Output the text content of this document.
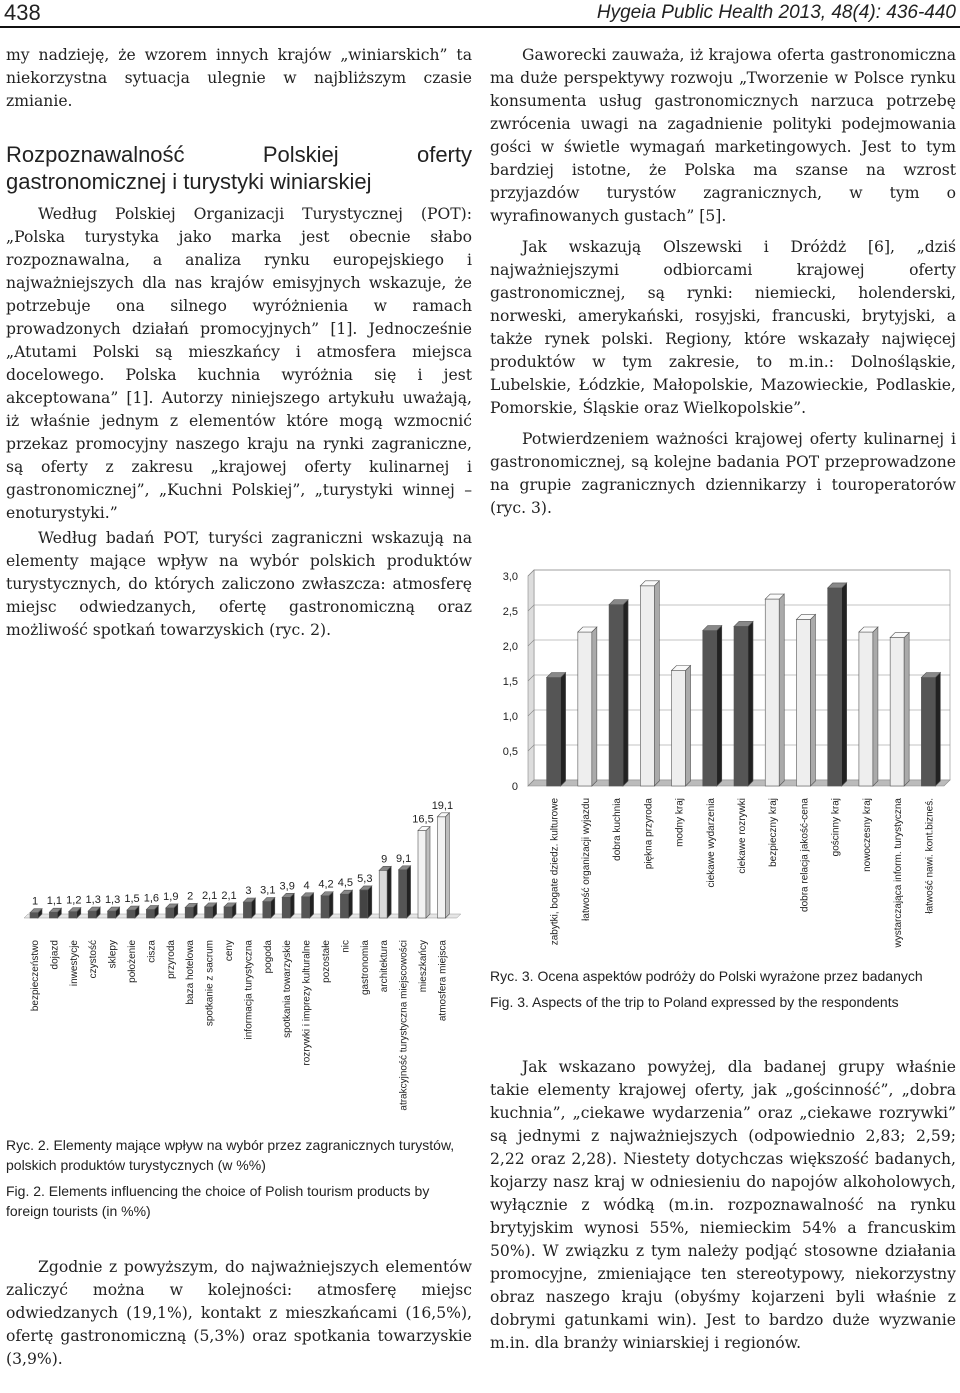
438	Hygeia Public Health 2013, 48(4): 436-440

my nadzieję, że wzorem innych krajów „winiarskich” ta niekorzystna sytuacja ulegnie w najbliższym czasie zmianie.

Rozpoznawalność Polskiej oferty gastronomicznej i turystyki winiarskiej

Według Polskiej Organizacji Turystycznej (POT): „Polska turystyka jako marka jest obecnie słabo rozpoznawalna, a analiza rynku europejskiego i najważniejszych dla nas krajów emisyjnych wskazuje, że potrzebuje ona silnego wyróżnienia w ramach prowadzonych działań promocyjnych” [1]. Jednocześnie „Atutami Polski są mieszkańcy i atmosfera miejsca docelowego. Polska kuchnia wyróżnia się i jest akceptowana” [1]. Autorzy niniejszego artykułu uważają, iż właśnie jednym z elementów które mogą wzmocnić przekaz promocyjny naszego kraju na rynki zagraniczne, są oferty z zakresu „krajowej oferty kulinarnej i gastronomicznej”, „Kuchni Polskiej”, „turystyki winnej – enoturystyki.”

Według badań POT, turyści zagraniczni wskazują na elementy mające wpływ na wybór polskich produktów turystycznych, do których zaliczono zwłaszcza: atmosferę miejsc odwiedzanych, ofertę gastronomiczną oraz możliwość spotkań towarzyskich (ryc. 2).

1
bezpieczeństwo
1,1
dojazd
1,2
inwestycje
1,3
czystość
1,3
sklepy
1,5
położenie
1,6
cisza
1,9
przyroda
2
baza hotelowa
2,1
spotkanie z sacrum
2,1
ceny
3
informacja turystyczna
3,1
pogoda
3,9
spotkania towarzyskie
4
rozrywki i imprezy kulturalne
4,2
pozostałe
4,5
nic
5,3
gastronomia
9
architektura
9,1
atrakcyjność turystyczna miejscowości
16,5
mieszkańcy
19,1
atmosfera miejsca

Ryc. 2. Elementy mające wpływ na wybór przez zagranicznych turystów, polskich produktów turystycznych (w %%)

Fig. 2. Elements influencing the choice of Polish tourism products by foreign tourists (in %%)

Zgodnie z powyższym, do najważniejszych elementów zaliczyć można w kolejności: atmosferę miejsc odwiedzanych (19,1%), kontakt z mieszkańcami (16,5%), ofertę gastronomiczną (5,3%) oraz spotkania towarzyskie (3,9%).

Gaworecki zauważa, iż krajowa oferta gastronomiczna ma duże perspektywy rozwoju „Tworzenie w Polsce rynku konsumenta usług gastronomicznych narzuca potrzebę zwrócenia uwagi na zagadnienie polityki podejmowania gości w świetle wymagań marketingowych. Jest to tym bardziej istotne, że Polska ma szanse na wzrost przyjazdów turystów zagranicznych, w tym o wyrafinowanych gustach” [5].

Jak wskazują Olszewski i Dróżdż [6], „dziś najważniejszymi odbiorcami krajowej oferty gastronomicznej, są rynki: niemiecki, holenderski, norweski, amerykański, rosyjski, francuski, brytyjski, a także rynek polski. Regiony, które wskazały najwięcej produktów w tym zakresie, to m.in.: Dolnośląskie, Lubelskie, Łódzkie, Małopolskie, Mazowieckie, Podlaskie, Pomorskie, Śląskie oraz Wielkopolskie”.

Potwierdzeniem ważności krajowej oferty kulinarnej i gastronomicznej, są kolejne badania POT przeprowadzone na grupie zagranicznych dziennikarzy i touroperatorów (ryc. 3).

0
0,5
1,0
1,5
2,0
2,5
3,0
zabytki, bogate dziedz. kulturowe łatwość organizacji wyjazdu dobra kuchnia piękna przyroda modny kraj ciekawe wydarzenia ciekawe rozrywki bezpieczny kraj dobra relacja jakość-cena gościnny kraj nowoczesny kraj wystarczająca inform. turystyczna łatwość nawi. kont.bizneś.

Ryc. 3. Ocena aspektów podróży do Polski wyrażone przez badanych

Fig. 3. Aspects of the trip to Poland expressed by the respondents

Jak wskazano powyżej, dla badanej grupy właśnie takie elementy krajowej oferty, jak „gościnność”, „dobra kuchnia”, „ciekawe wydarzenia” oraz „ciekawe rozrywki” są jednymi z najważniejszych (odpowiednio 2,83; 2,59; 2,22 oraz 2,28). Niestety dotychczas większość badanych, kojarzy nasz kraj w odniesieniu do napojów alkoholowych, wyłącznie z wódką (m.in. rozpoznawalność na rynku brytyjskim wynosi 55%, niemieckim 54% a francuskim 50%). W związku z tym należy podjąć stosowne działania promocyjne, zmieniające ten stereotypowy, niekorzystny obraz naszego kraju (obyśmy kojarzeni byli właśnie z dobrymi gatunkami win). Jest to bardzo duże wyzwanie m.in. dla branży winiarskiej i regionów.
